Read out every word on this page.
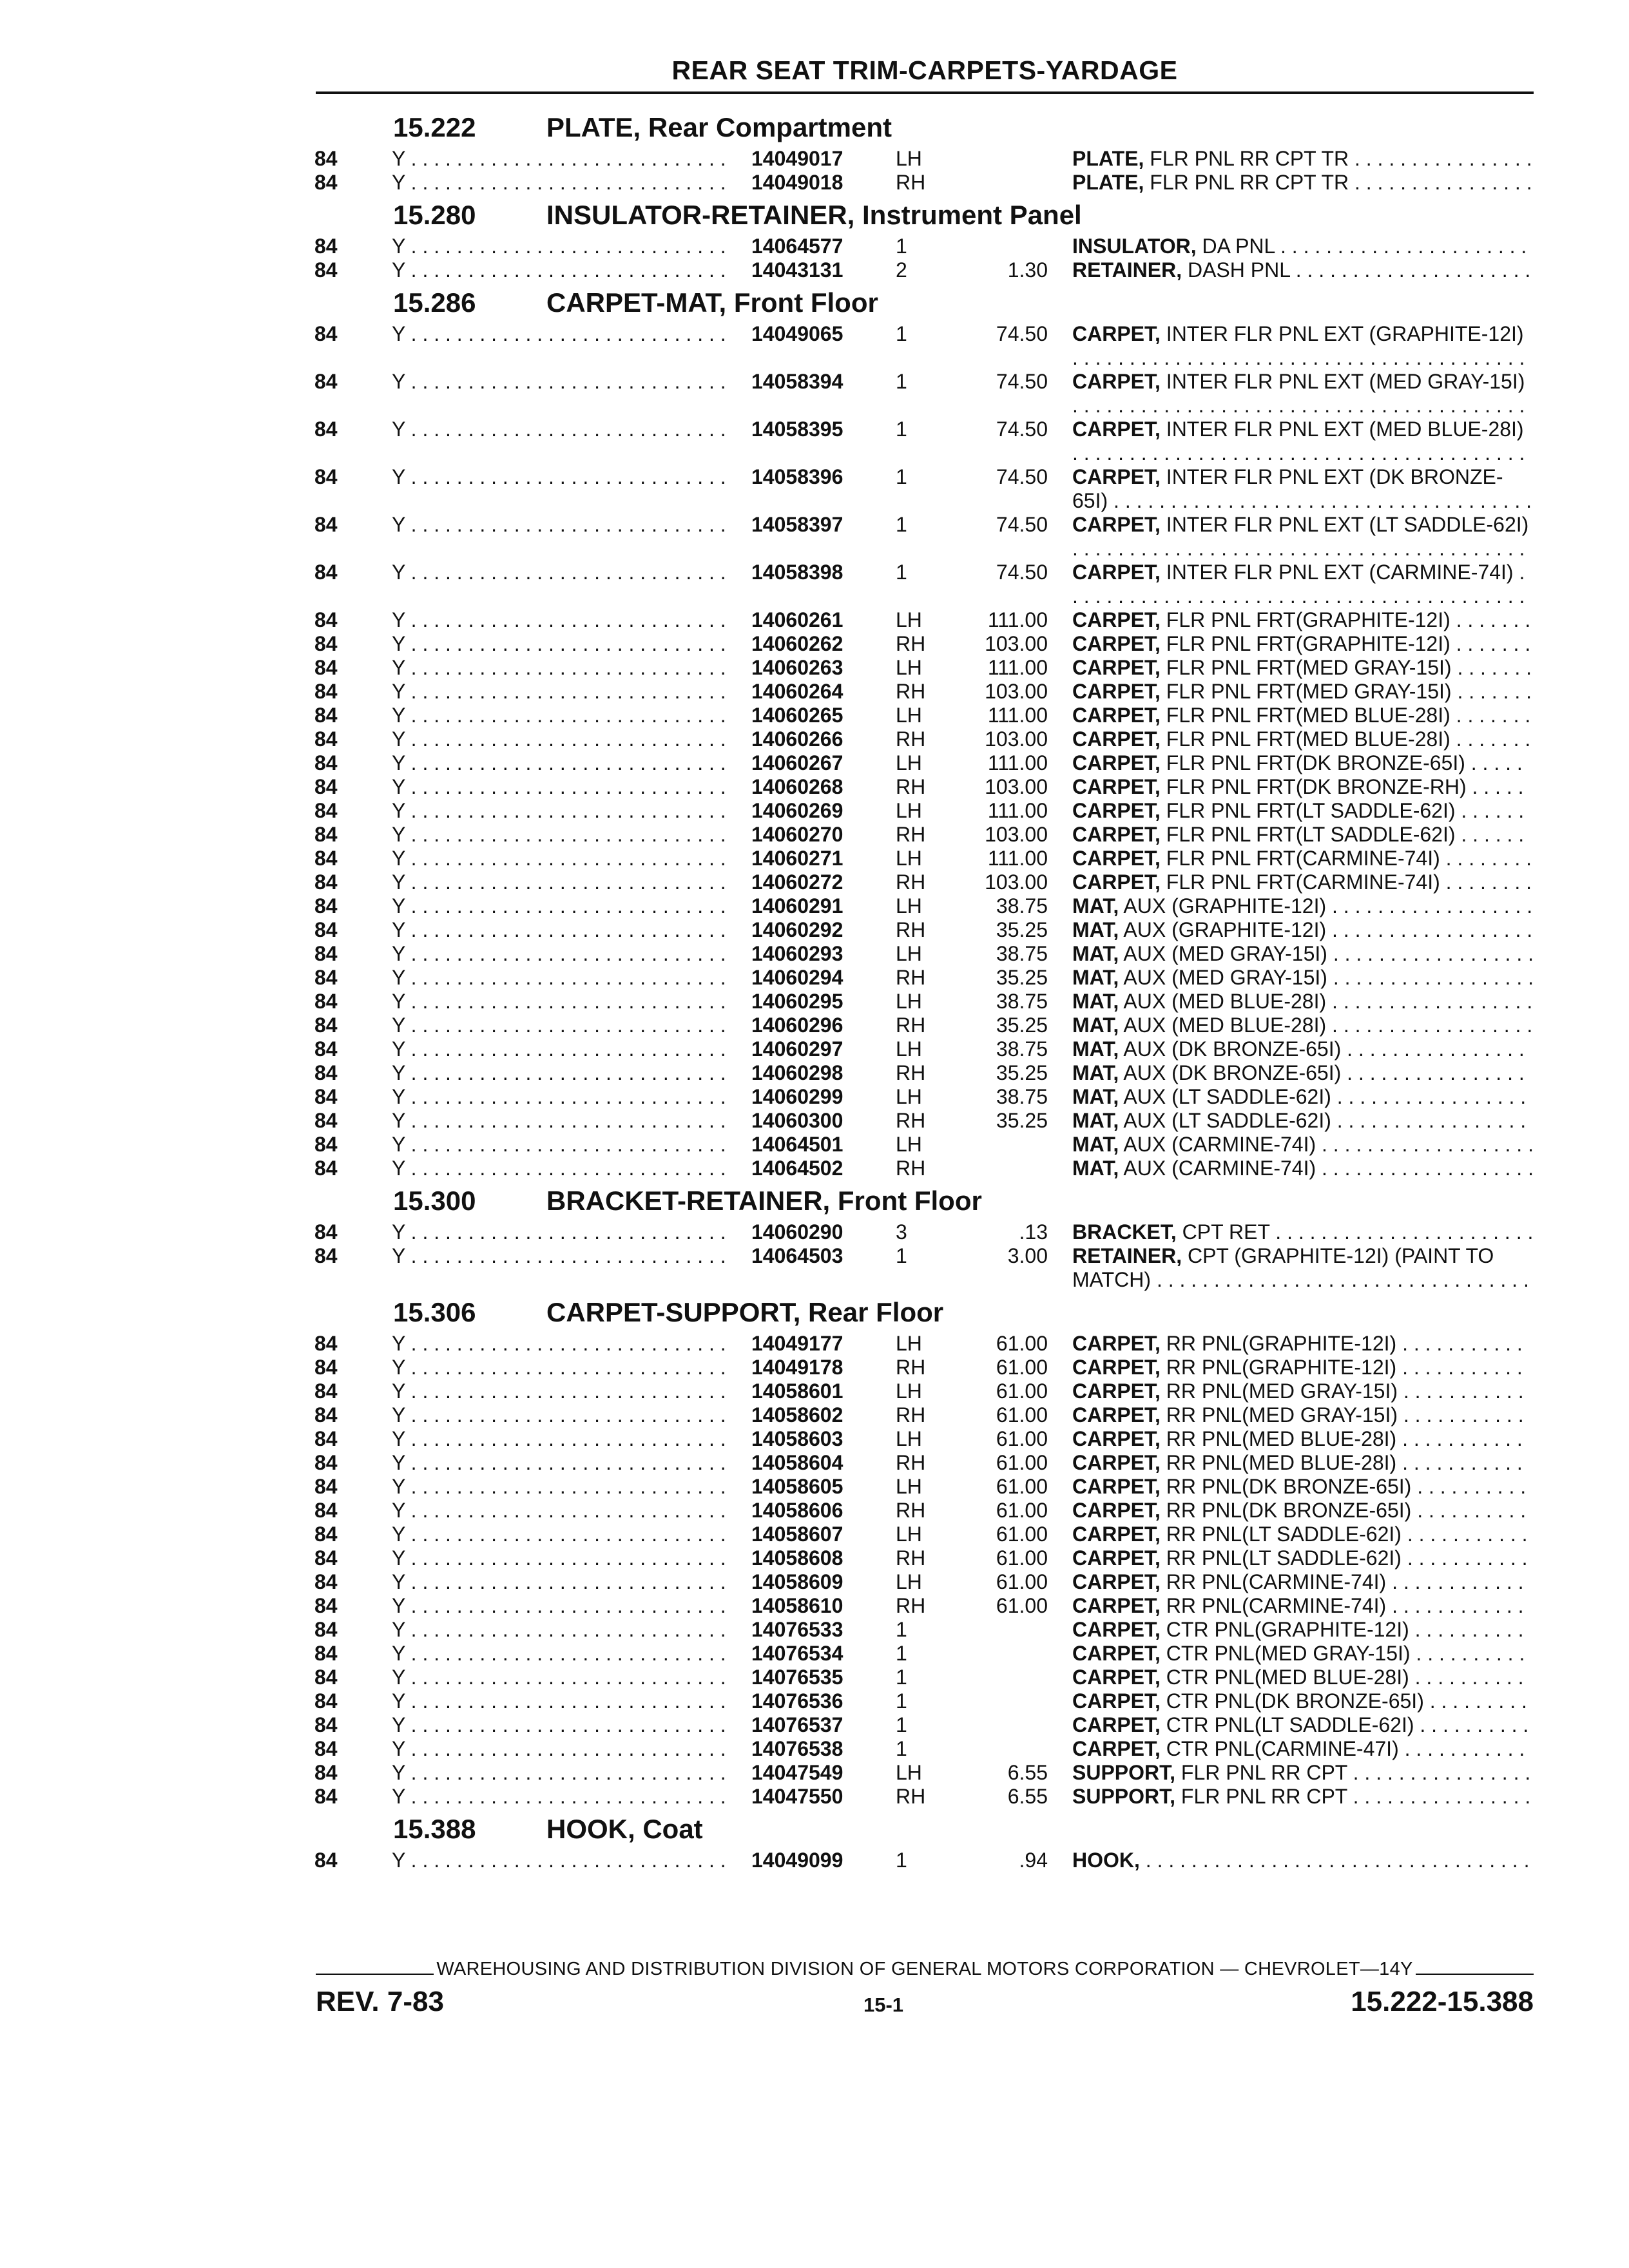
REAR SEAT TRIM-CARPETS-YARDAGE
15.222	PLATE, Rear Compartment
84	Y . . .	14049017	LH	PLATE, FLR PNL RR CPT TR . . .
84	Y . . .	14049018	RH	PLATE, FLR PNL RR CPT TR . . .
15.280	INSULATOR-RETAINER, Instrument Panel
84	Y . . .	14064577	1	INSULATOR, DA PNL . . .
84	Y . . .	14043131	2	1.30 RETAINER, DASH PNL . . .
15.286	CARPET-MAT, Front Floor
84	Y . . .	14049065	1	74.50 CARPET, INTER FLR PNL EXT (GRAPHITE-12I) . . .
84	Y . . .	14058394	1	74.50 CARPET, INTER FLR PNL EXT (MED GRAY-15I) . . .
84	Y . . .	14058395	1	74.50 CARPET, INTER FLR PNL EXT (MED BLUE-28I) . . .
84	Y . . .	14058396	1	74.50 CARPET, INTER FLR PNL EXT (DK BRONZE-65I) . . .
84	Y . . .	14058397	1	74.50 CARPET, INTER FLR PNL EXT (LT SADDLE-62I) . . .
84	Y . . .	14058398	1	74.50 CARPET, INTER FLR PNL EXT (CARMINE-74I) . . .
84	Y . . .	14060261	LH	111.00 CARPET, FLR PNL FRT(GRAPHITE-12I) . . .
84	Y . . .	14060262	RH	103.00 CARPET, FLR PNL FRT(GRAPHITE-12I) . . .
84	Y . . .	14060263	LH	111.00 CARPET, FLR PNL FRT(MED GRAY-15I) . . .
84	Y . . .	14060264	RH	103.00 CARPET, FLR PNL FRT(MED GRAY-15I) . . .
84	Y . . .	14060265	LH	111.00 CARPET, FLR PNL FRT(MED BLUE-28I) . . .
84	Y . . .	14060266	RH	103.00 CARPET, FLR PNL FRT(MED BLUE-28I) . . .
84	Y . . .	14060267	LH	111.00 CARPET, FLR PNL FRT(DK BRONZE-65I) . . .
84	Y . . .	14060268	RH	103.00 CARPET, FLR PNL FRT(DK BRONZE-RH) . . .
84	Y . . .	14060269	LH	111.00 CARPET, FLR PNL FRT(LT SADDLE-62I) . . .
84	Y . . .	14060270	RH	103.00 CARPET, FLR PNL FRT(LT SADDLE-62I) . . .
84	Y . . .	14060271	LH	111.00 CARPET, FLR PNL FRT(CARMINE-74I) . . .
84	Y . . .	14060272	RH	103.00 CARPET, FLR PNL FRT(CARMINE-74I) . . .
84	Y . . .	14060291	LH	38.75 MAT, AUX (GRAPHITE-12I) . . .
84	Y . . .	14060292	RH	35.25 MAT, AUX (GRAPHITE-12I) . . .
84	Y . . .	14060293	LH	38.75 MAT, AUX (MED GRAY-15I) . . .
84	Y . . .	14060294	RH	35.25 MAT, AUX (MED GRAY-15I) . . .
84	Y . . .	14060295	LH	38.75 MAT, AUX (MED BLUE-28I) . . .
84	Y . . .	14060296	RH	35.25 MAT, AUX (MED BLUE-28I) . . .
84	Y . . .	14060297	LH	38.75 MAT, AUX (DK BRONZE-65I) . . .
84	Y . . .	14060298	RH	35.25 MAT, AUX (DK BRONZE-65I) . . .
84	Y . . .	14060299	LH	38.75 MAT, AUX (LT SADDLE-62I) . . .
84	Y . . .	14060300	RH	35.25 MAT, AUX (LT SADDLE-62I) . . .
84	Y . . .	14064501	LH	MAT, AUX (CARMINE-74I) . . .
84	Y . . .	14064502	RH	MAT, AUX (CARMINE-74I) . . .
15.300	BRACKET-RETAINER, Front Floor
84	Y . . .	14060290	3	.13 BRACKET, CPT RET . . .
84	Y . . .	14064503	1	3.00 RETAINER, CPT (GRAPHITE-12I) (PAINT TO MATCH) . . .
15.306	CARPET-SUPPORT, Rear Floor
84	Y . . .	14049177	LH	61.00 CARPET, RR PNL(GRAPHITE-12I) . . .
84	Y . . .	14049178	RH	61.00 CARPET, RR PNL(GRAPHITE-12I) . . .
84	Y . . .	14058601	LH	61.00 CARPET, RR PNL(MED GRAY-15I) . . .
84	Y . . .	14058602	RH	61.00 CARPET, RR PNL(MED GRAY-15I) . . .
84	Y . . .	14058603	LH	61.00 CARPET, RR PNL(MED BLUE-28I) . . .
84	Y . . .	14058604	RH	61.00 CARPET, RR PNL(MED BLUE-28I) . . .
84	Y . . .	14058605	LH	61.00 CARPET, RR PNL(DK BRONZE-65I) . . .
84	Y . . .	14058606	RH	61.00 CARPET, RR PNL(DK BRONZE-65I) . . .
84	Y . . .	14058607	LH	61.00 CARPET, RR PNL(LT SADDLE-62I) . . .
84	Y . . .	14058608	RH	61.00 CARPET, RR PNL(LT SADDLE-62I) . . .
84	Y . . .	14058609	LH	61.00 CARPET, RR PNL(CARMINE-74I) . . .
84	Y . . .	14058610	RH	61.00 CARPET, RR PNL(CARMINE-74I) . . .
84	Y . . .	14076533	1	CARPET, CTR PNL(GRAPHITE-12I) . . .
84	Y . . .	14076534	1	CARPET, CTR PNL(MED GRAY-15I) . . .
84	Y . . .	14076535	1	CARPET, CTR PNL(MED BLUE-28I) . . .
84	Y . . .	14076536	1	CARPET, CTR PNL(DK BRONZE-65I) . . .
84	Y . . .	14076537	1	CARPET, CTR PNL(LT SADDLE-62I) . . .
84	Y . . .	14076538	1	CARPET, CTR PNL(CARMINE-47I) . . .
84	Y . . .	14047549	LH	6.55 SUPPORT, FLR PNL RR CPT . . .
84	Y . . .	14047550	RH	6.55 SUPPORT, FLR PNL RR CPT . . .
15.388	HOOK, Coat
84	Y . . .	14049099	1	.94 HOOK, . . .
WAREHOUSING AND DISTRIBUTION DIVISION OF GENERAL MOTORS CORPORATION — CHEVROLET—14Y
REV. 7-83	15-1	15.222-15.388
